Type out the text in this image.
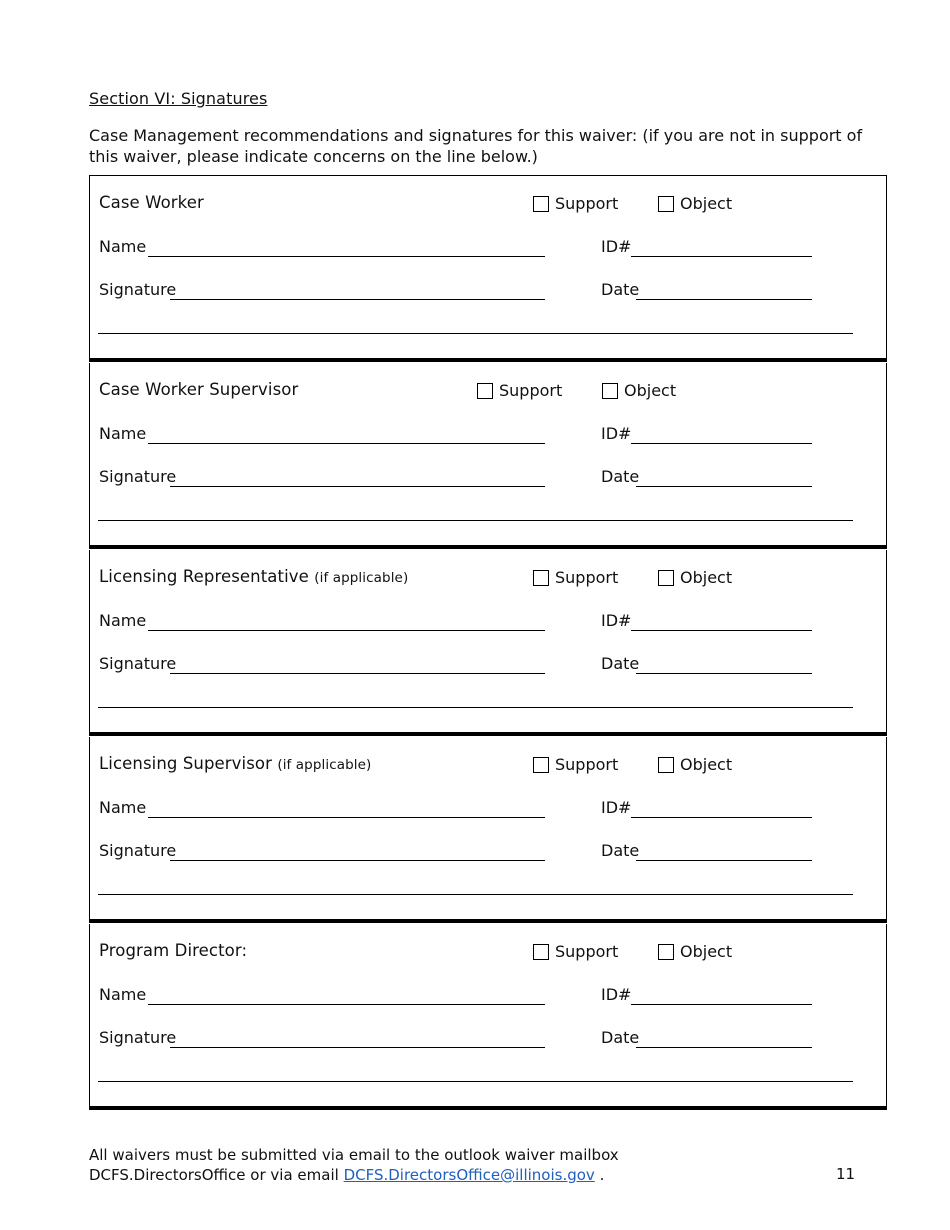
Section VI: Signatures
Case Management recommendations and signatures for this waiver: (if you are not in support of this waiver, please indicate concerns on the line below.)
Case Worker	Support	Object
Name	ID#
Signature	Date
Case Worker Supervisor	Support	Object
Name	ID#
Signature	Date
Licensing Representative (if applicable)	Support	Object
Name	ID#
Signature	Date
Licensing Supervisor (if applicable)	Support	Object
Name	ID#
Signature	Date
Program Director:	Support	Object
Name	ID#
Signature	Date
All waivers must be submitted via email to the outlook waiver mailbox
DCFS.DirectorsOffice or via email DCFS.DirectorsOffice@illinois.gov .	11
